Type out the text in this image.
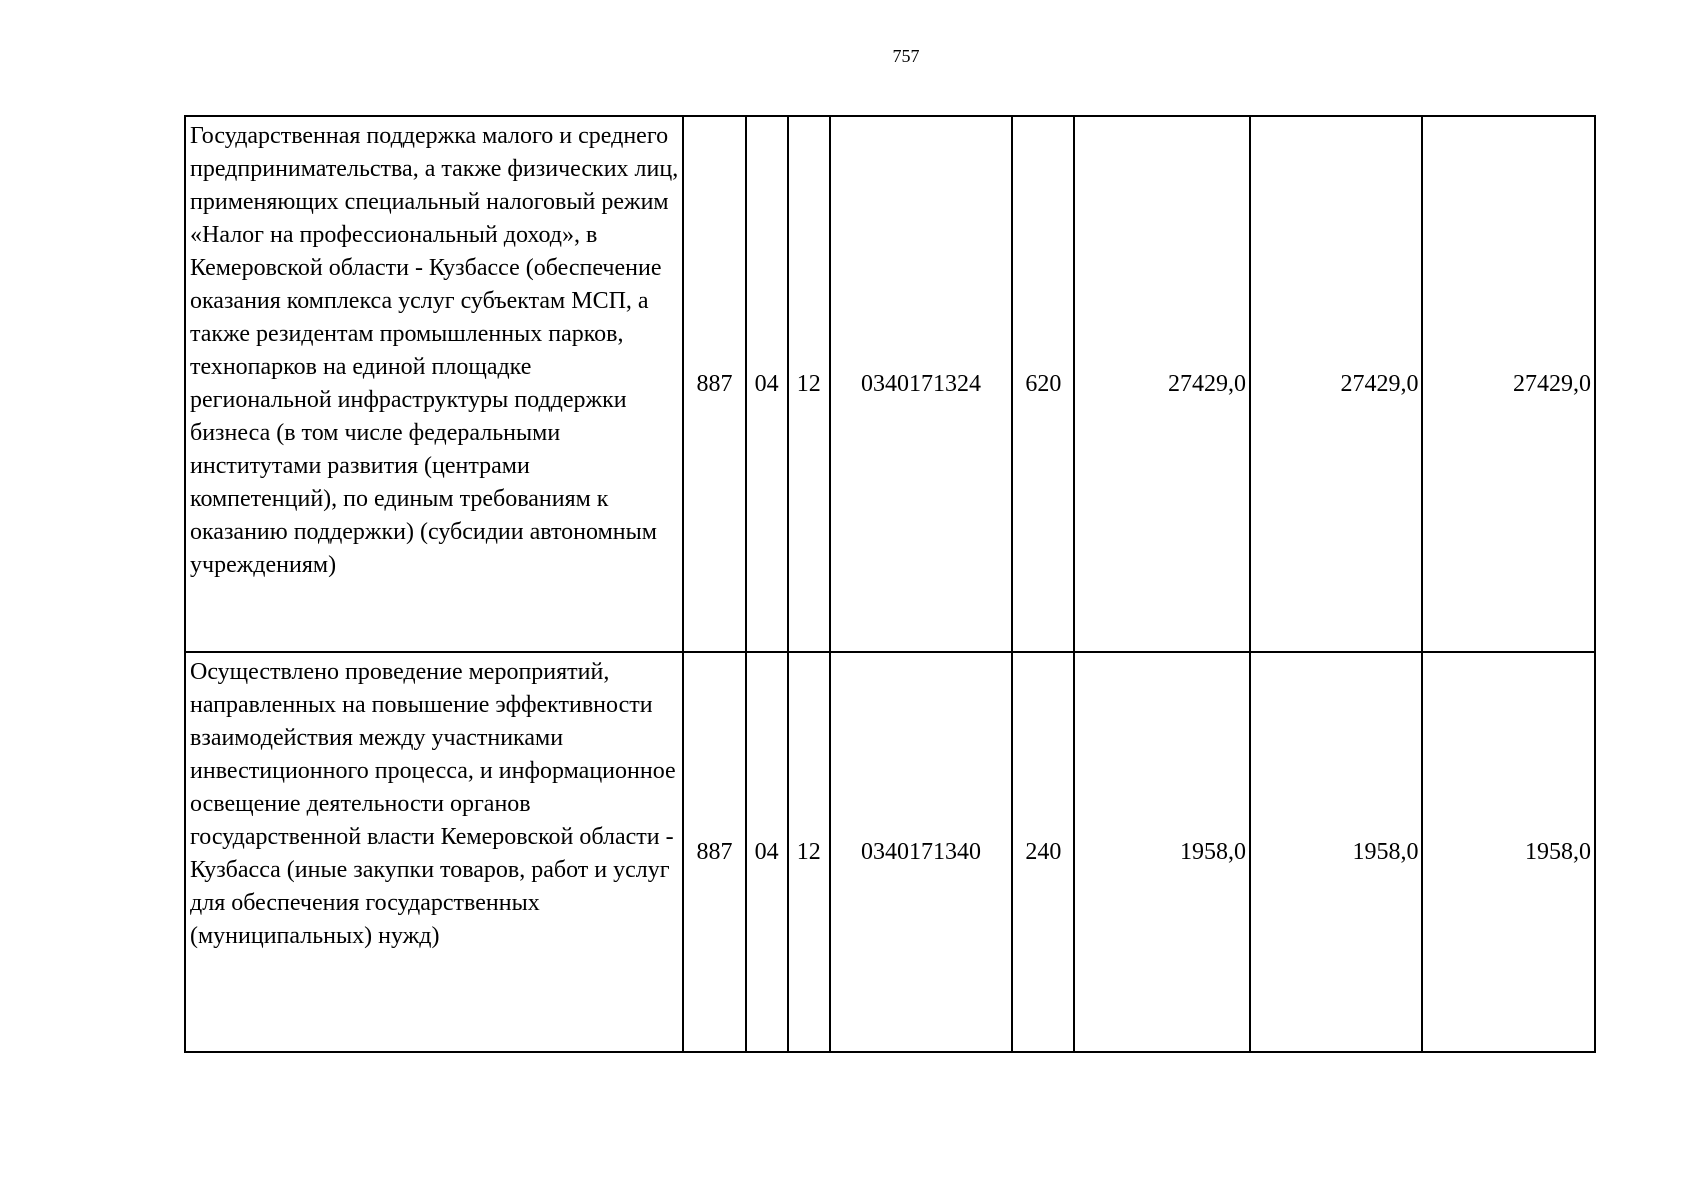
757
Государственная поддержка малого и среднего предпринимательства, а также физических лиц, применяющих специальный налоговый режим «Налог на профессиональный доход», в Кемеровской области - Кузбассе (обеспечение оказания комплекса услуг субъектам МСП, а также резидентам промышленных парков, технопарков на единой площадке региональной инфраструктуры поддержки бизнеса (в том числе федеральными институтами развития (центрами компетенций), по единым требованиям к оказанию поддержки) (субсидии автономным учреждениям)	887	04	12	0340171324	620	27429,0	27429,0	27429,0
Осуществлено проведение мероприятий, направленных на повышение эффективности взаимодействия между участниками инвестиционного процесса, и информационное освещение деятельности органов государственной власти Кемеровской области - Кузбасса (иные закупки товаров, работ и услуг для обеспечения государственных (муниципальных) нужд)	887	04	12	0340171340	240	1958,0	1958,0	1958,0
